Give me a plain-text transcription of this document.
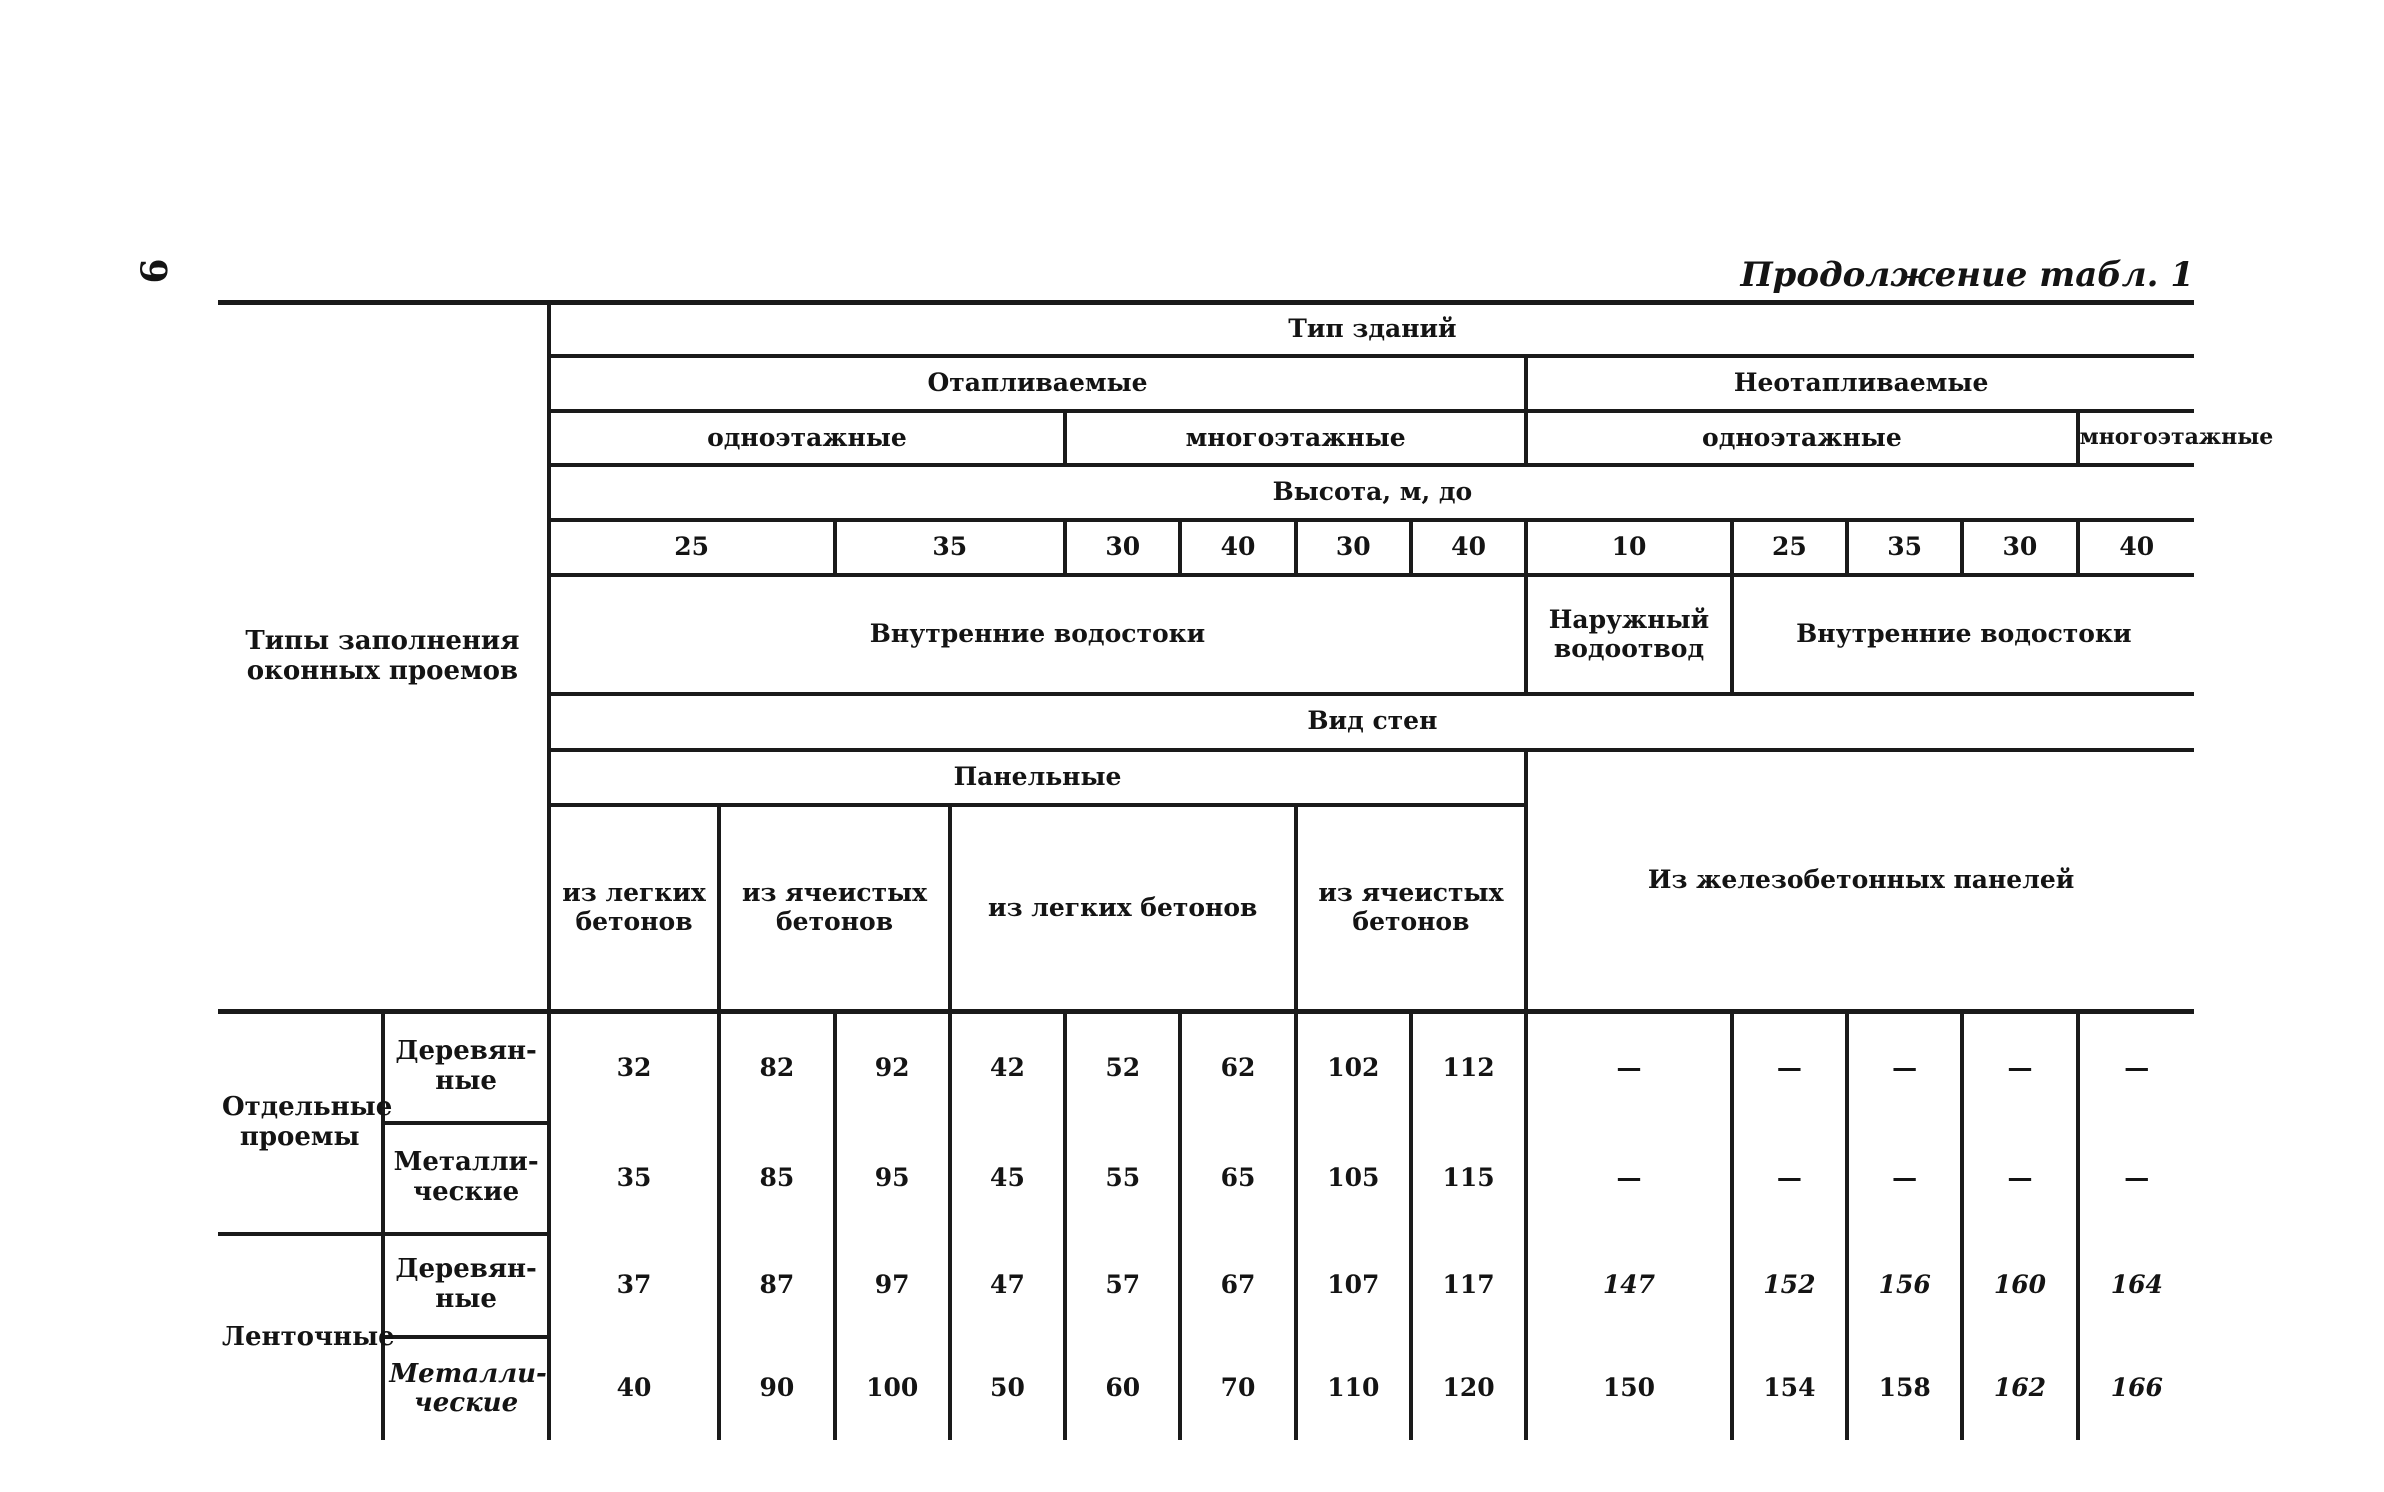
9	Продолжение табл. 1
Типы заполнения оконных проемов		Тип зданий												
		Отапливаемые								Неотапливаемые				
		одноэтажные				многоэтажные				одноэтажные				многоэтажные
		Высота, м, до												
		25		35		30	40	30	40	10	25	35	30	40
		Внутренние водостоки								Наружный водоотвод	Внутренние водостоки			
		Вид стен												
		Панельные								Из железобетонных панелей				
		из легких бетонов	из ячеистых бетонов		из легких бетонов			из ячеистых бетонов						
Отдельные проемы	Деревян-ные	32	82	92	42	52	62	102	112	—	—	—	—	—
	Металли-ческие	35	85	95	45	55	65	105	115	—	—	—	—	—
Ленточные	Деревян-ные	37	87	97	47	57	67	107	117	147	152	156	160	164
	Металли-ческие	40	90	100	50	60	70	110	120	150	154	158	162	166
